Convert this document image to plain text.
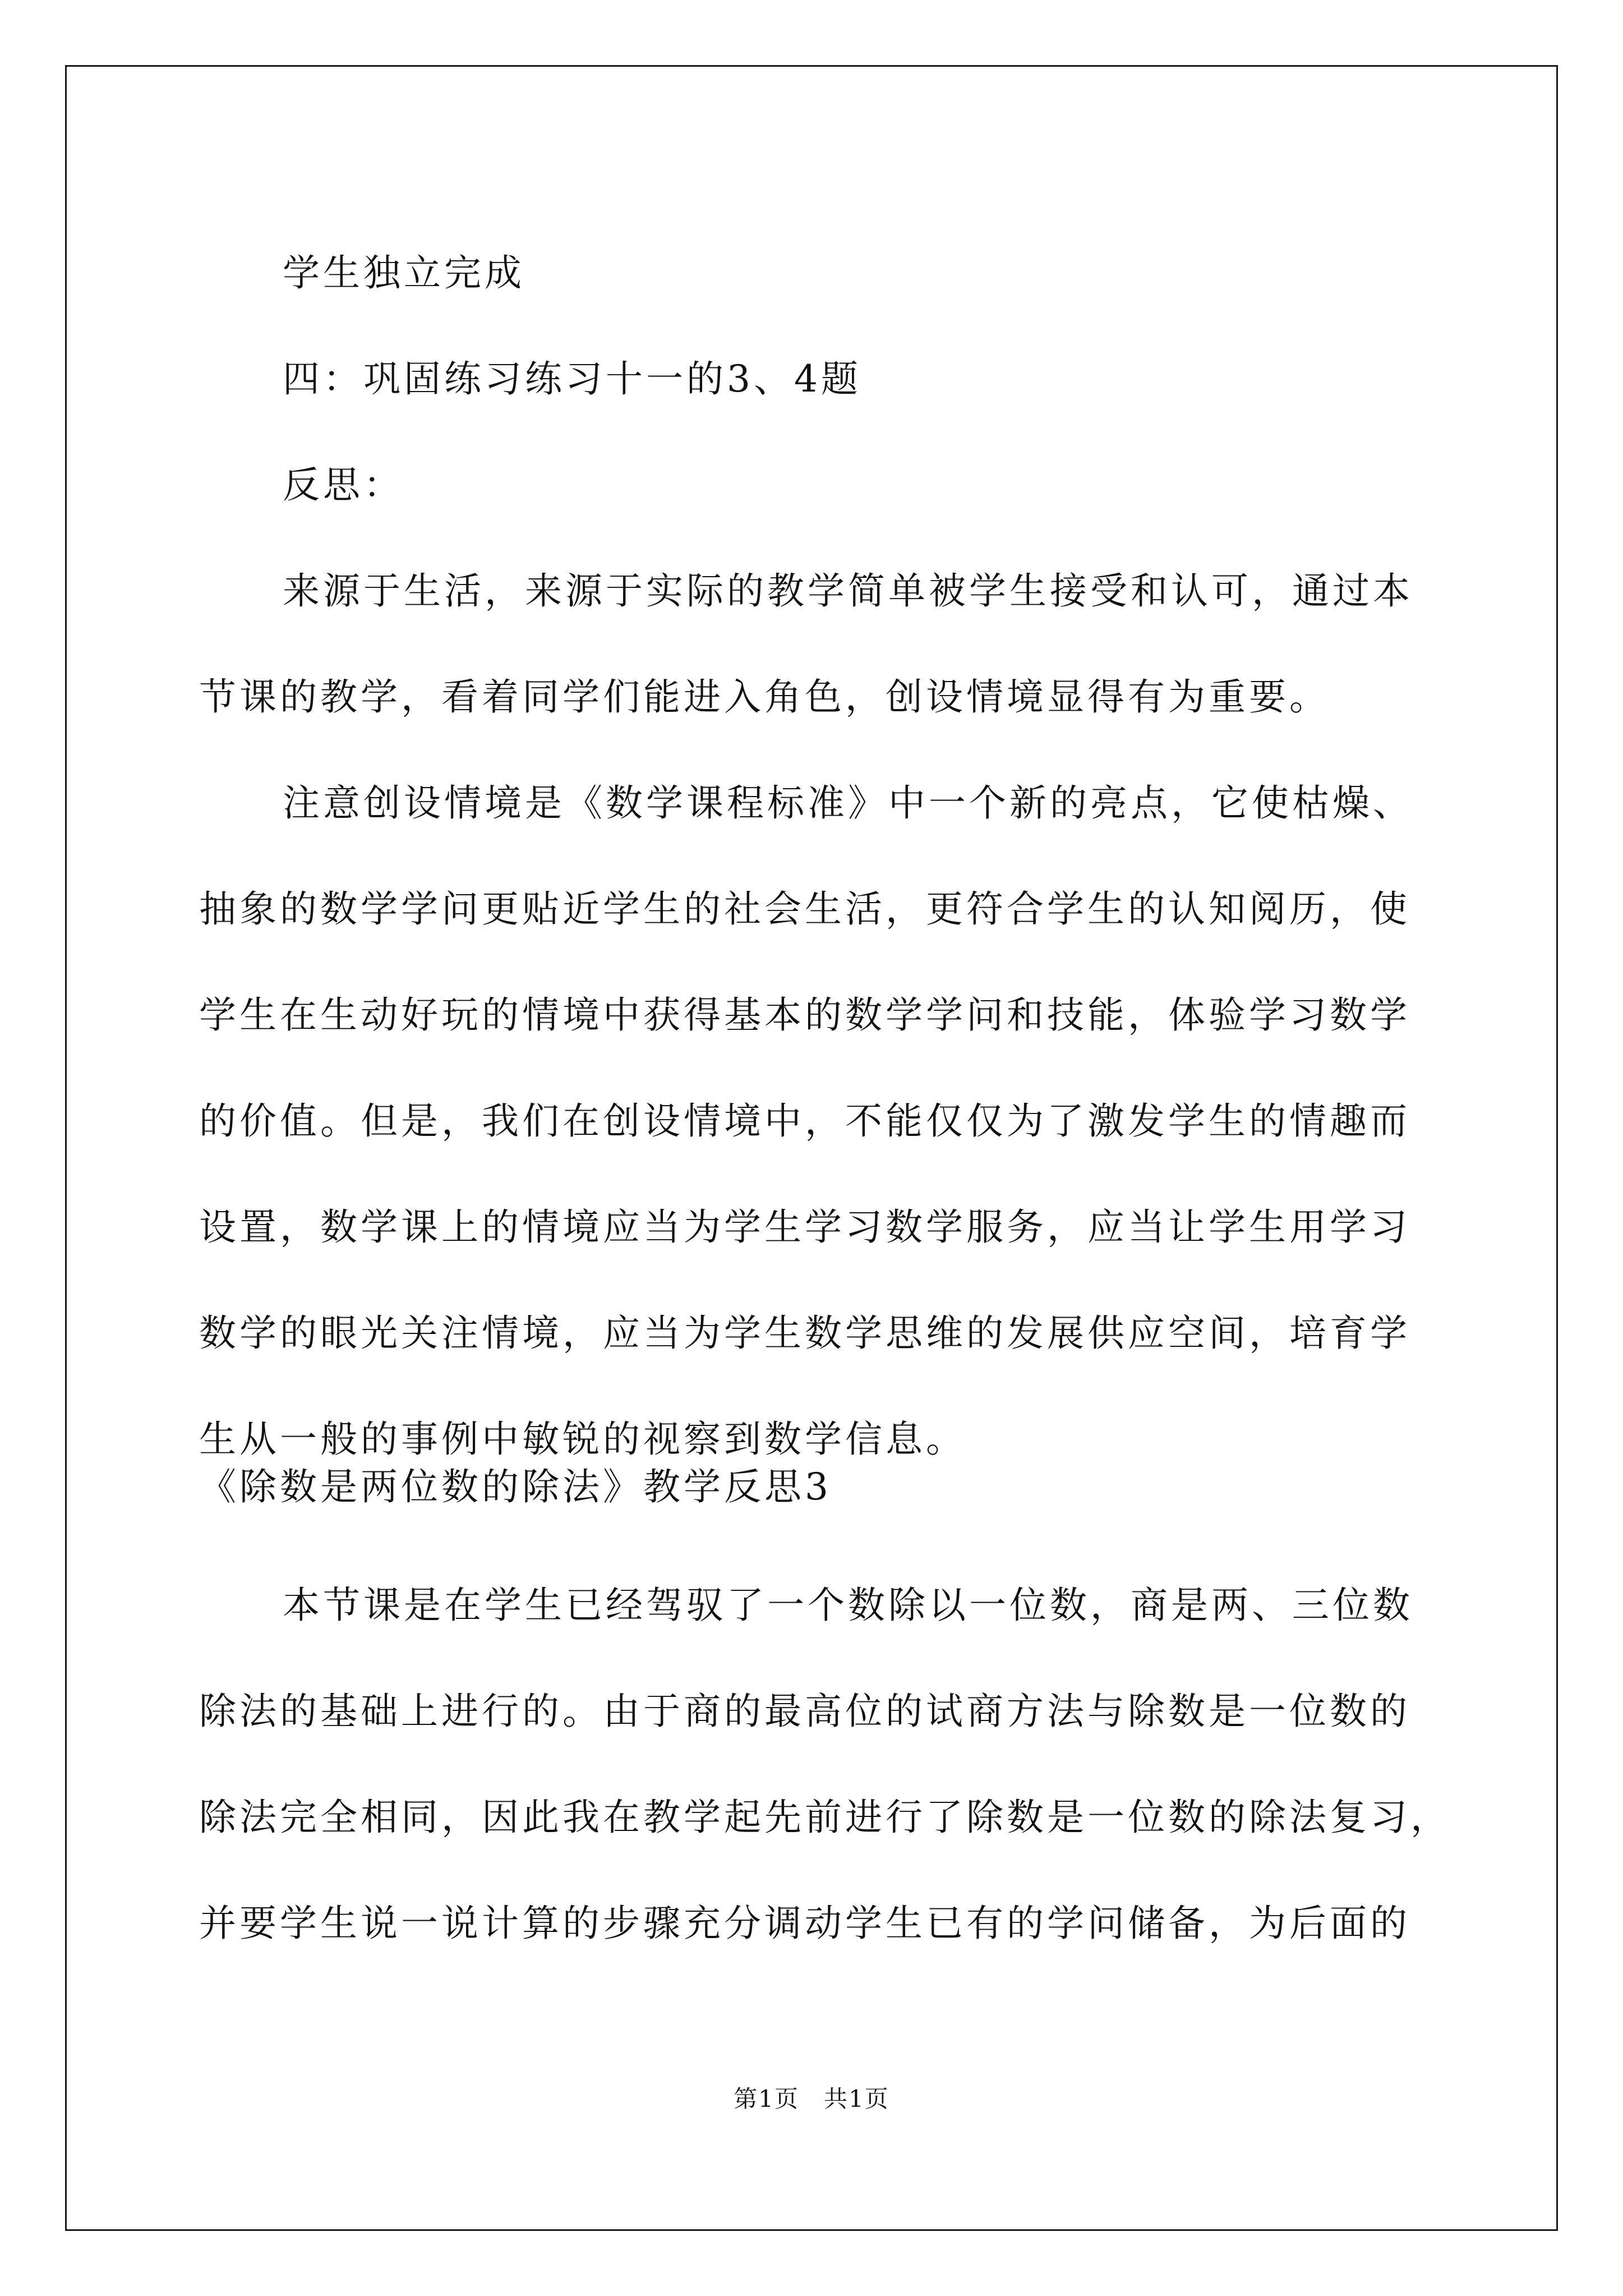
学生独立完成

四：巩固练习练习十一的3、4题

反思：

来源于生活，来源于实际的教学简单被学生接受和认可，通过本
节课的教学，看着同学们能进入角色，创设情境显得有为重要。

注意创设情境是《数学课程标准》中一个新的亮点，它使枯燥、
抽象的数学学问更贴近学生的社会生活，更符合学生的认知阅历，使
学生在生动好玩的情境中获得基本的数学学问和技能，体验学习数学
的价值。但是，我们在创设情境中，不能仅仅为了激发学生的情趣而
设置，数学课上的情境应当为学生学习数学服务，应当让学生用学习
数学的眼光关注情境，应当为学生数学思维的发展供应空间，培育学
生从一般的事例中敏锐的视察到数学信息。

《除数是两位数的除法》教学反思3

本节课是在学生已经驾驭了一个数除以一位数，商是两、三位数
除法的基础上进行的。由于商的最高位的试商方法与除数是一位数的
除法完全相同，因此我在教学起先前进行了除数是一位数的除法复习，
并要学生说一说计算的步骤充分调动学生已有的学问储备，为后面的

第1页　共1页
